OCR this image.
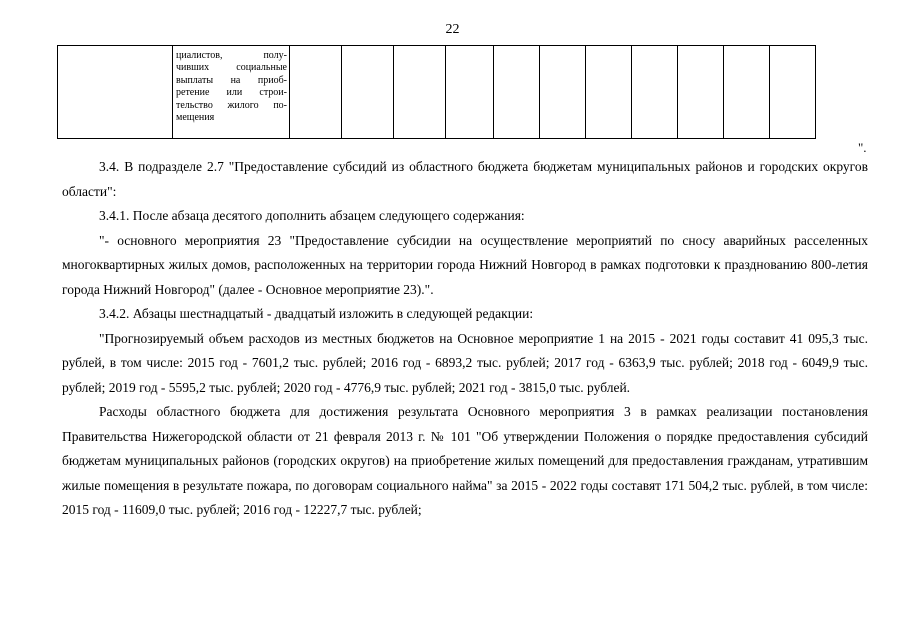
22

циалистов, полу-
чивших социальные
выплаты на приоб-
ретение или строи-
тельство жилого по-
мещения

".

3.4. В подразделе 2.7 "Предоставление субсидий из областного бюджета бюджетам муниципальных районов и городских округов области":

3.4.1. После абзаца десятого дополнить абзацем следующего содержания:

"- основного мероприятия 23 "Предоставление субсидии на осуществление мероприятий по сносу аварийных расселенных многоквартирных жилых домов, расположенных на территории города Нижний Новгород в рамках подготовки к празднованию 800-летия города Нижний Новгород" (далее - Основное мероприятие 23).".

3.4.2. Абзацы шестнадцатый - двадцатый изложить в следующей редакции:

"Прогнозируемый объем расходов из местных бюджетов на Основное мероприятие 1 на 2015 - 2021 годы составит 41 095,3 тыс. рублей, в том числе: 2015 год - 7601,2 тыс. рублей; 2016 год - 6893,2 тыс. рублей; 2017 год - 6363,9 тыс. рублей; 2018 год - 6049,9 тыс. рублей; 2019 год - 5595,2 тыс. рублей; 2020 год - 4776,9 тыс. рублей; 2021 год - 3815,0 тыс. рублей.

Расходы областного бюджета для достижения результата Основного мероприятия 3 в рамках реализации постановления Правительства Нижегородской области от 21 февраля 2013 г. № 101 "Об утверждении Положения о порядке предоставления субсидий бюджетам муниципальных районов (городских округов) на приобретение жилых помещений для предоставления гражданам, утратившим жилые помещения в результате пожара, по договорам социального найма" за 2015 - 2022 годы составят 171 504,2 тыс. рублей, в том числе: 2015 год - 11609,0 тыс. рублей; 2016 год - 12227,7 тыс. рублей;
